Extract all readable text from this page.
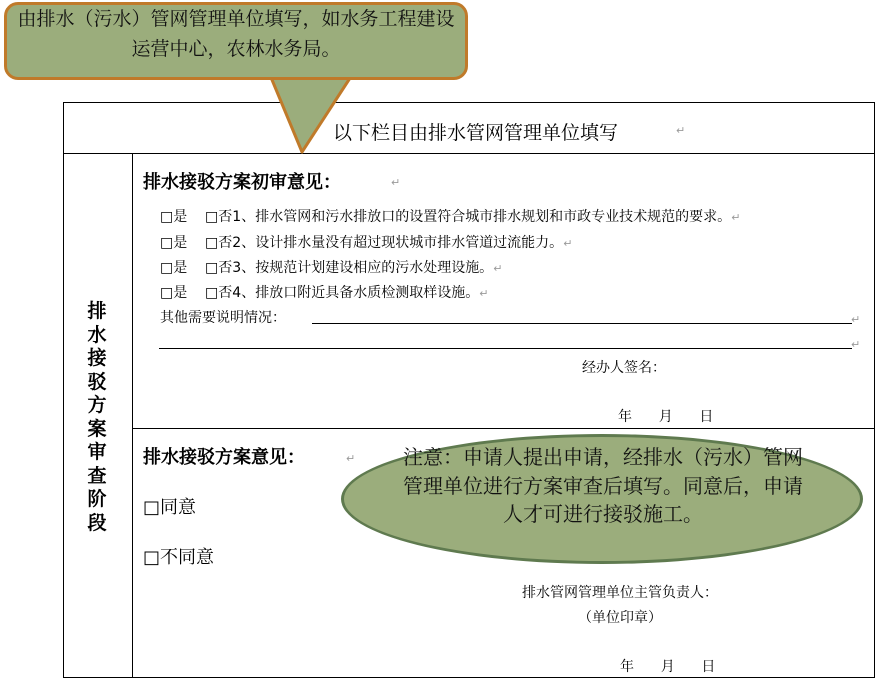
以下栏目由排水管网管理单位填写	↵
排水接驳方案审查阶段
排水接驳方案初审意见：	↵
□是 □否1、排水管网和污水排放口的设置符合城市排水规划和市政专业技术规范的要求。↵
□是 □否2、设计排水量没有超过现状城市排水管道过流能力。↵
□是 □否3、按规范计划建设相应的污水处理设施。↵
□是 □否4、排放口附近具备水质检测取样设施。↵
其他需要说明情况：	↵
↵
经办人签名：
年      月      日
排水接驳方案意见：	↵
□同意
□不同意
排水管网管理单位主管负责人：
（单位印章）
年      月      日
注意：申请人提出申请，经排水（污水）管网管理单位进行方案审查后填写。同意后，申请人才可进行接驳施工。
由排水（污水）管网管理单位填写，如水务工程建设运营中心，农林水务局。
